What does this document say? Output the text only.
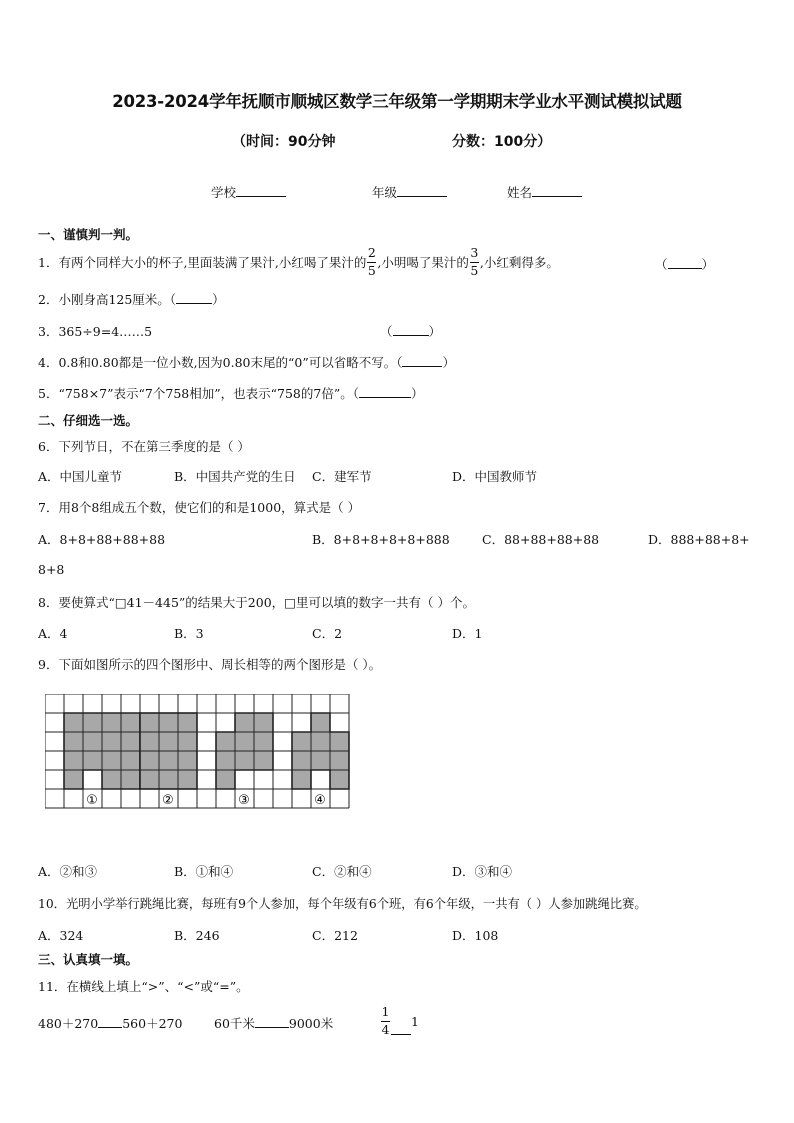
2023-2024学年抚顺市顺城区数学三年级第一学期期末学业水平测试模拟试题
（时间：90分钟	分数：100分）
学校	年级	姓名
一、谨慎判一判。
1．有两个同样大小的杯子,里面装满了果汁,小红喝了果汁的 $\frac{2}{5}$ ,小明喝了果汁的 $\frac{3}{5}$ ,小红剩得多。	（	）
2．小刚身高125厘米。（	）
3．365÷9=4……5	（	）
4．0.8和0.80都是一位小数,因为0.80末尾的“0”可以省略不写。（	）
5．“758×7”表示“7个758相加”，也表示“758的7倍”。（	）
二、仔细选一选。
6．下列节日，不在第三季度的是（ ）
A．中国儿童节	B．中国共产党的生日 C．建军节	D．中国教师节
7．用8个8组成五个数，使它们的和是1000，算式是（ ）
A．8+8+88+88+88	B．8+8+8+8+8+888	C．88+88+88+88	D．888+88+8+
8+8
8．要使算式“□41－445”的结果大于200，□里可以填的数字一共有（ ）个。
A．4	B．3	C．2	D．1
9．下面如图所示的四个图形中、周长相等的两个图形是（ ）。
①	②	③	④
A．②和③	B．①和④	C．②和④	D．③和④
10．光明小学举行跳绳比赛，每班有9个人参加，每个年级有6个班，有6个年级，一共有（ ）人参加跳绳比赛。
A．324	B．246	C．212	D．108
三、认真填一填。
11．在横线上填上“>”、“<”或“=”。
480＋270 560＋270	60千米	9000米	$\frac{1}{4} 1$
